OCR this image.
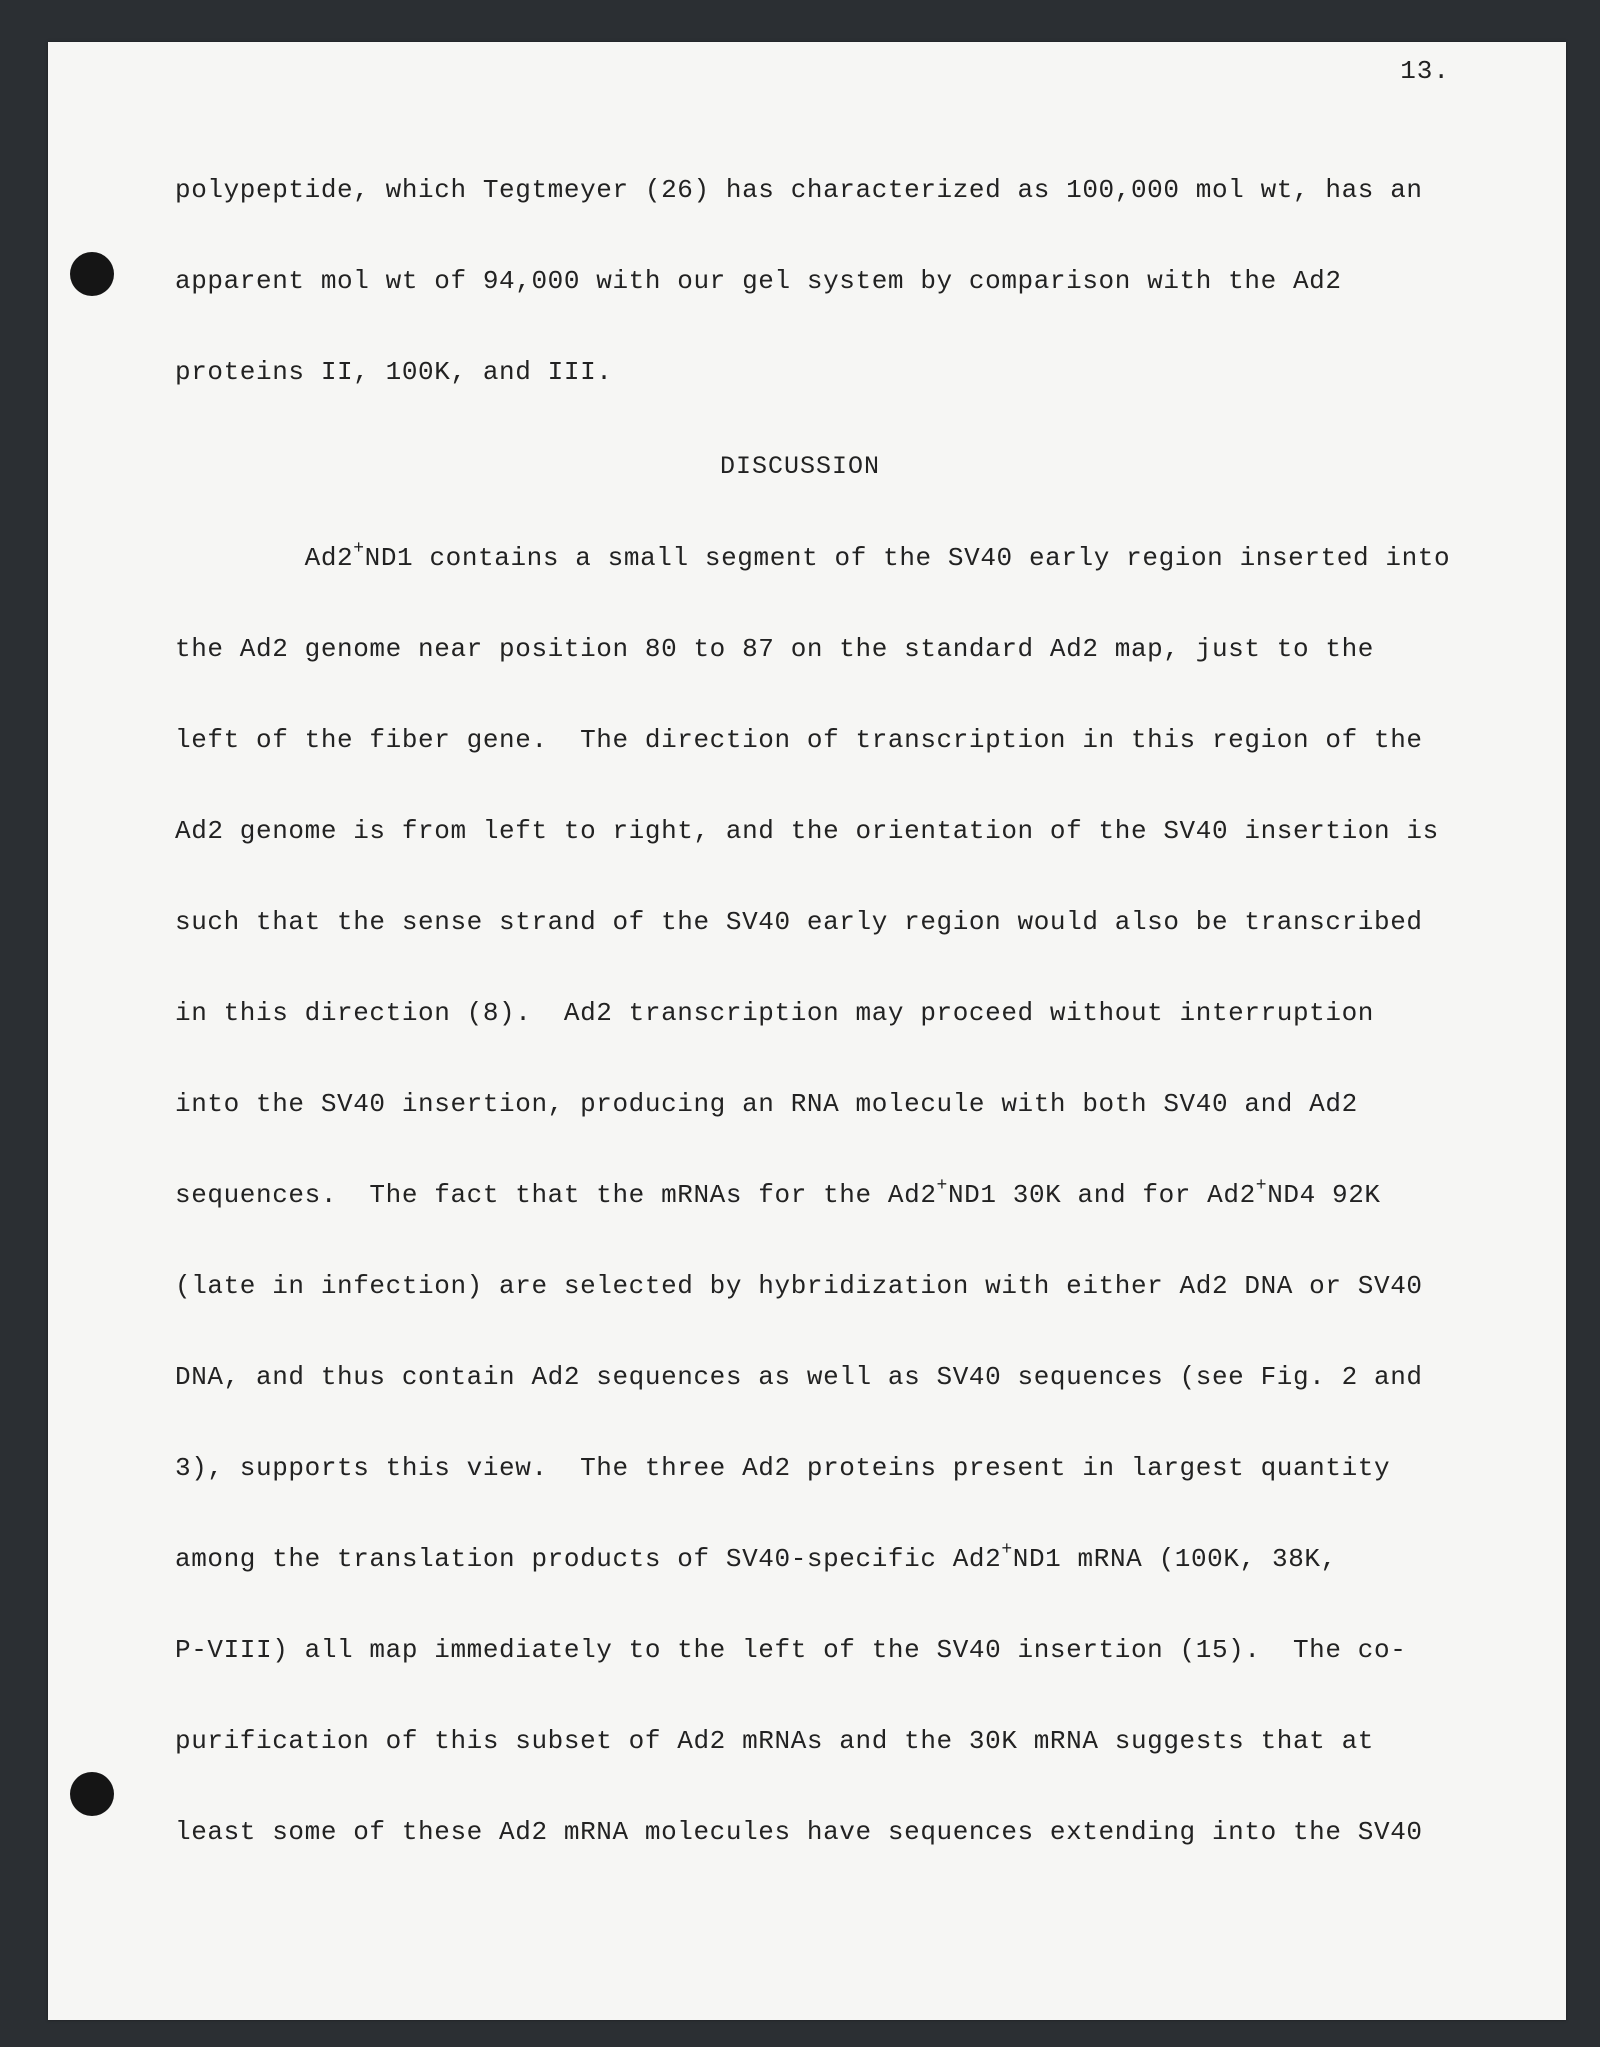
13.
polypeptide, which Tegtmeyer (26) has characterized as 100,000 mol wt, has an
apparent mol wt of 94,000 with our gel system by comparison with the Ad2
proteins II, 100K, and III.
DISCUSSION
Ad2+ND1 contains a small segment of the SV40 early region inserted into
the Ad2 genome near position 80 to 87 on the standard Ad2 map, just to the
left of the fiber gene.  The direction of transcription in this region of the
Ad2 genome is from left to right, and the orientation of the SV40 insertion is
such that the sense strand of the SV40 early region would also be transcribed
in this direction (8).  Ad2 transcription may proceed without interruption
into the SV40 insertion, producing an RNA molecule with both SV40 and Ad2
sequences.  The fact that the mRNAs for the Ad2+ND1 30K and for Ad2+ND4 92K
(late in infection) are selected by hybridization with either Ad2 DNA or SV40
DNA, and thus contain Ad2 sequences as well as SV40 sequences (see Fig. 2 and
3), supports this view.  The three Ad2 proteins present in largest quantity
among the translation products of SV40-specific Ad2+ND1 mRNA (100K, 38K,
P-VIII) all map immediately to the left of the SV40 insertion (15).  The co-
purification of this subset of Ad2 mRNAs and the 30K mRNA suggests that at
least some of these Ad2 mRNA molecules have sequences extending into the SV40
